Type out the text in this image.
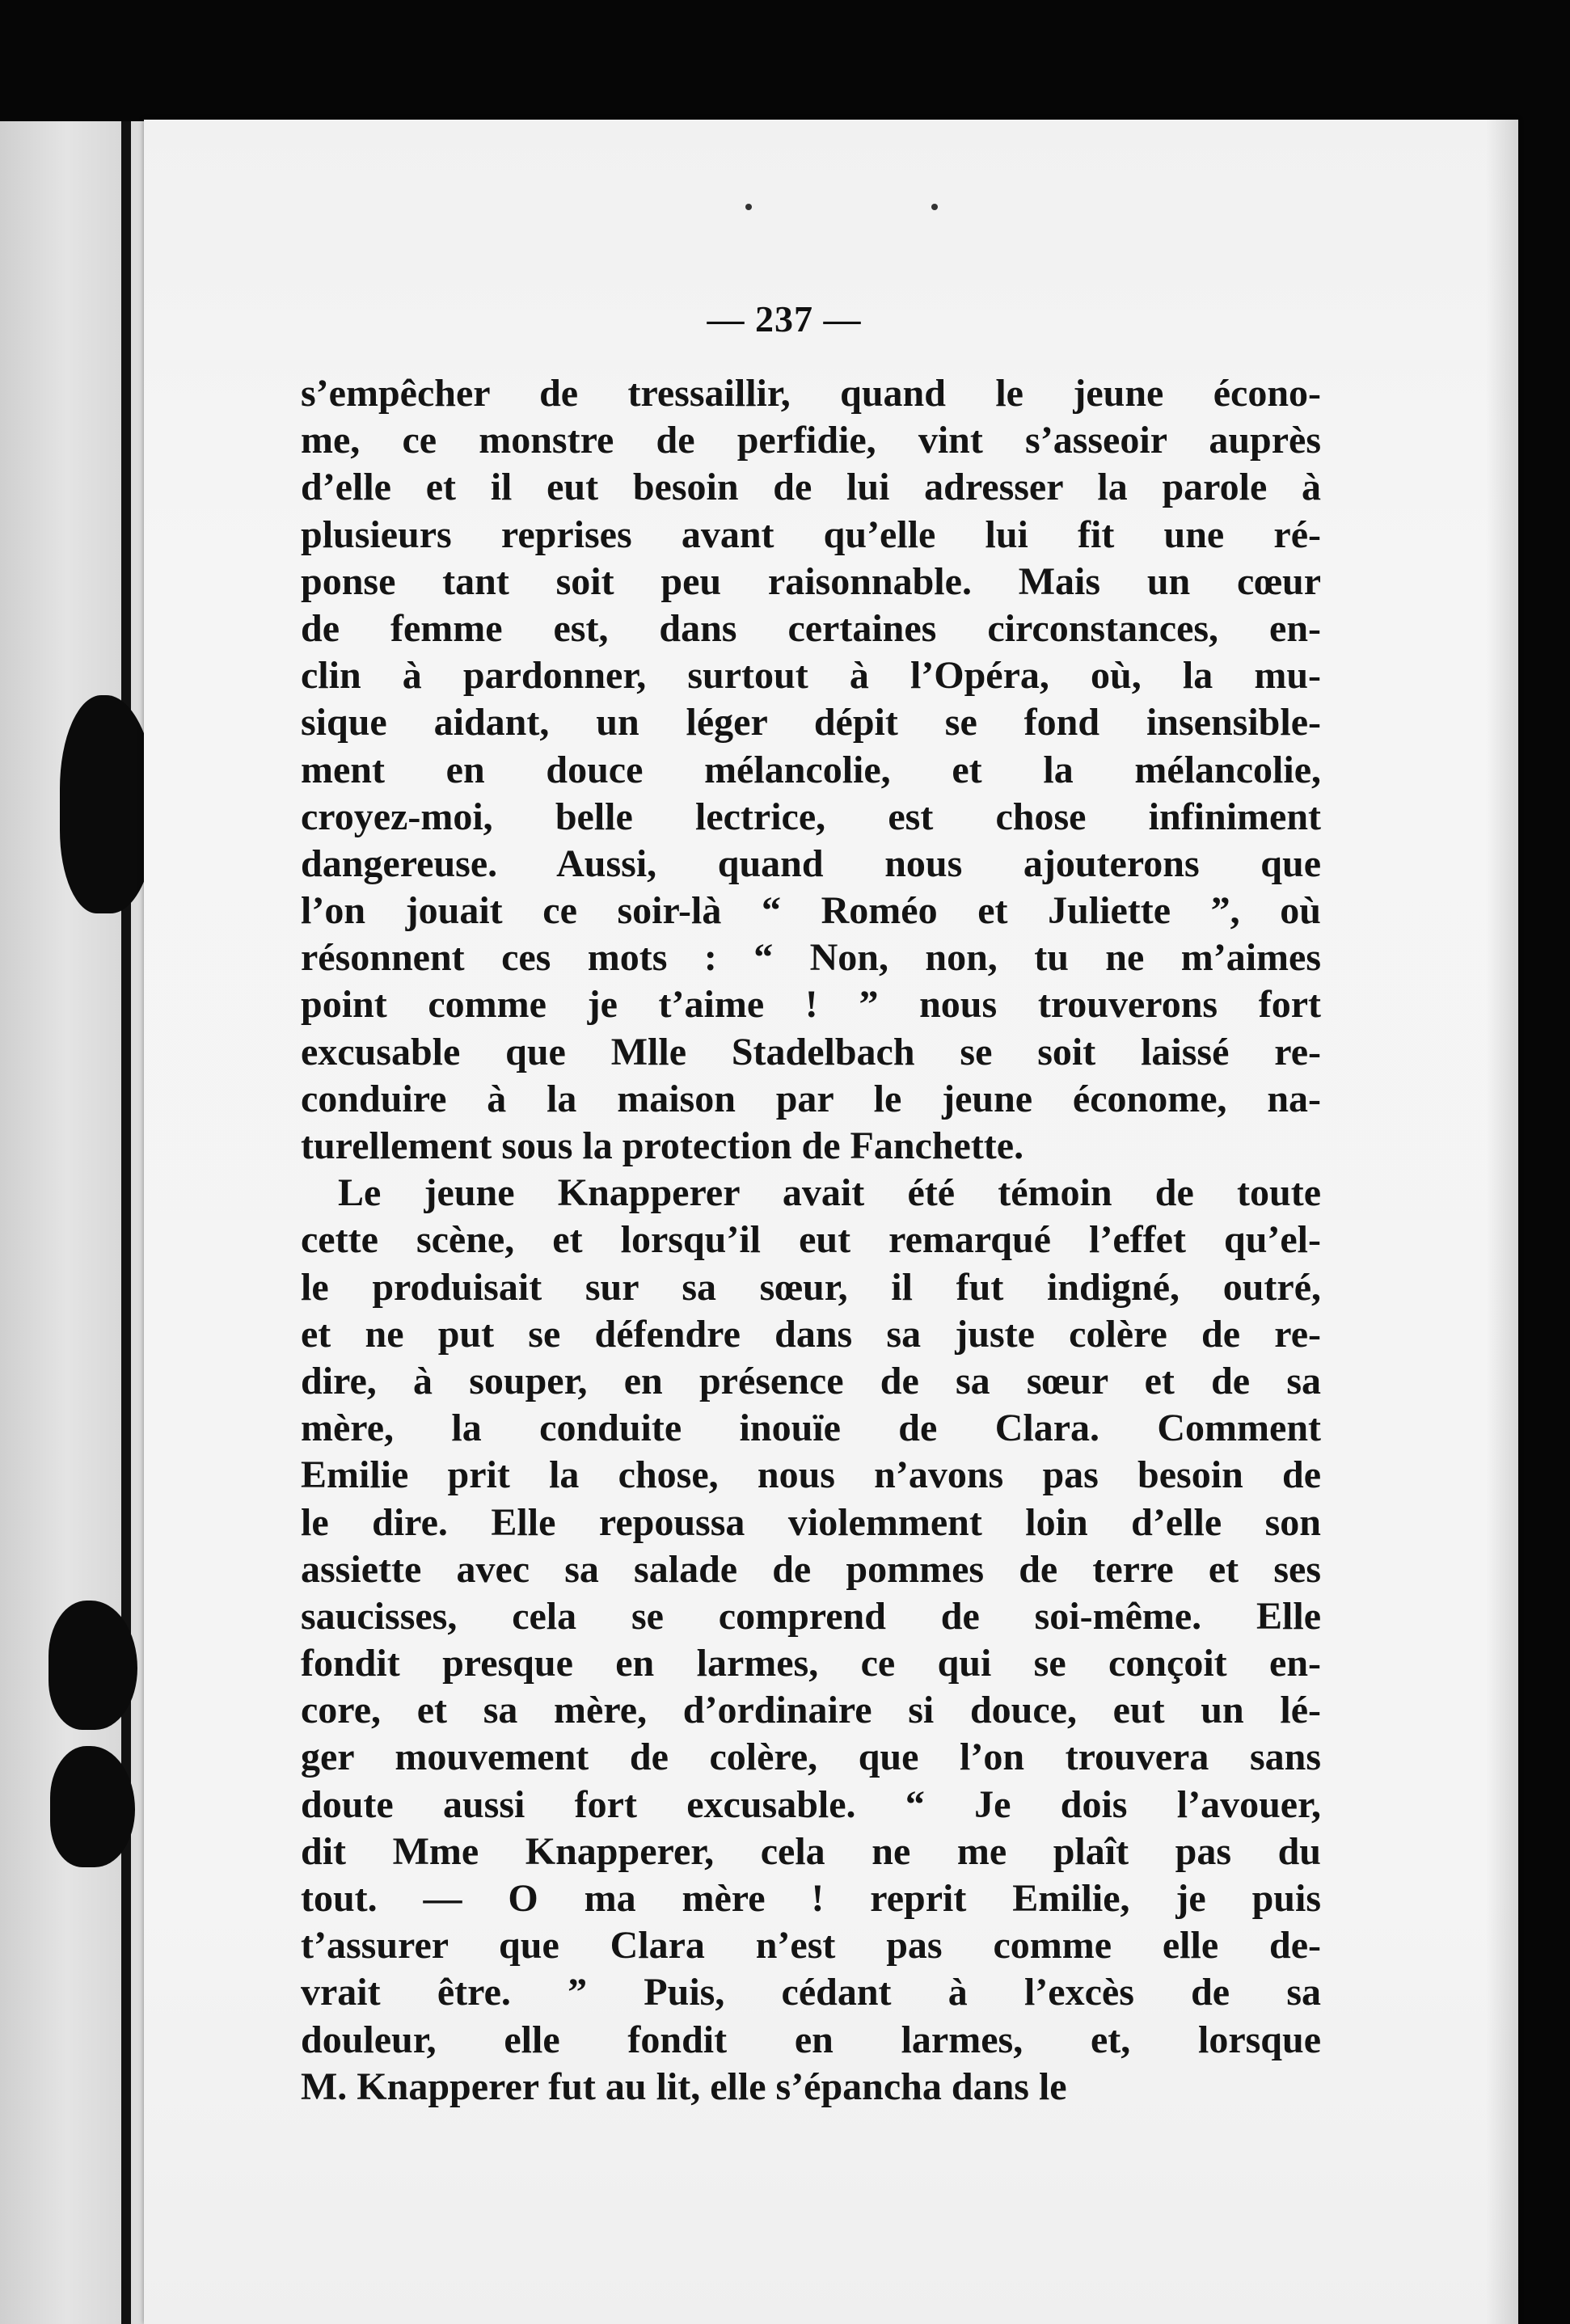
— 237 —
s’empêcher de tressaillir, quand le jeune écono-
me, ce monstre de perfidie, vint s’asseoir auprès
d’elle et il eut besoin de lui adresser la parole à
plusieurs reprises avant qu’elle lui fit une ré-
ponse tant soit peu raisonnable. Mais un cœur
de femme est, dans certaines circonstances, en-
clin à pardonner, surtout à l’Opéra, où, la mu-
sique aidant, un léger dépit se fond insensible-
ment en douce mélancolie, et la mélancolie,
croyez-moi, belle lectrice, est chose infiniment
dangereuse. Aussi, quand nous ajouterons que
l’on jouait ce soir-là “ Roméo et Juliette ”, où
résonnent ces mots : “ Non, non, tu ne m’aimes
point comme je t’aime ! ” nous trouverons fort
excusable que Mlle Stadelbach se soit laissé re-
conduire à la maison par le jeune économe, na-
turellement sous la protection de Fanchette.
Le jeune Knapperer avait été témoin de toute
cette scène, et lorsqu’il eut remarqué l’effet qu’el-
le produisait sur sa sœur, il fut indigné, outré,
et ne put se défendre dans sa juste colère de re-
dire, à souper, en présence de sa sœur et de sa
mère, la conduite inouïe de Clara. Comment
Emilie prit la chose, nous n’avons pas besoin de
le dire. Elle repoussa violemment loin d’elle son
assiette avec sa salade de pommes de terre et ses
saucisses, cela se comprend de soi-même. Elle
fondit presque en larmes, ce qui se conçoit en-
core, et sa mère, d’ordinaire si douce, eut un lé-
ger mouvement de colère, que l’on trouvera sans
doute aussi fort excusable. “ Je dois l’avouer,
dit Mme Knapperer, cela ne me plaît pas du
tout. — O ma mère ! reprit Emilie, je puis
t’assurer que Clara n’est pas comme elle de-
vrait être. ” Puis, cédant à l’excès de sa
douleur, elle fondit en larmes, et, lorsque
M. Knapperer fut au lit, elle s’épancha dans le
